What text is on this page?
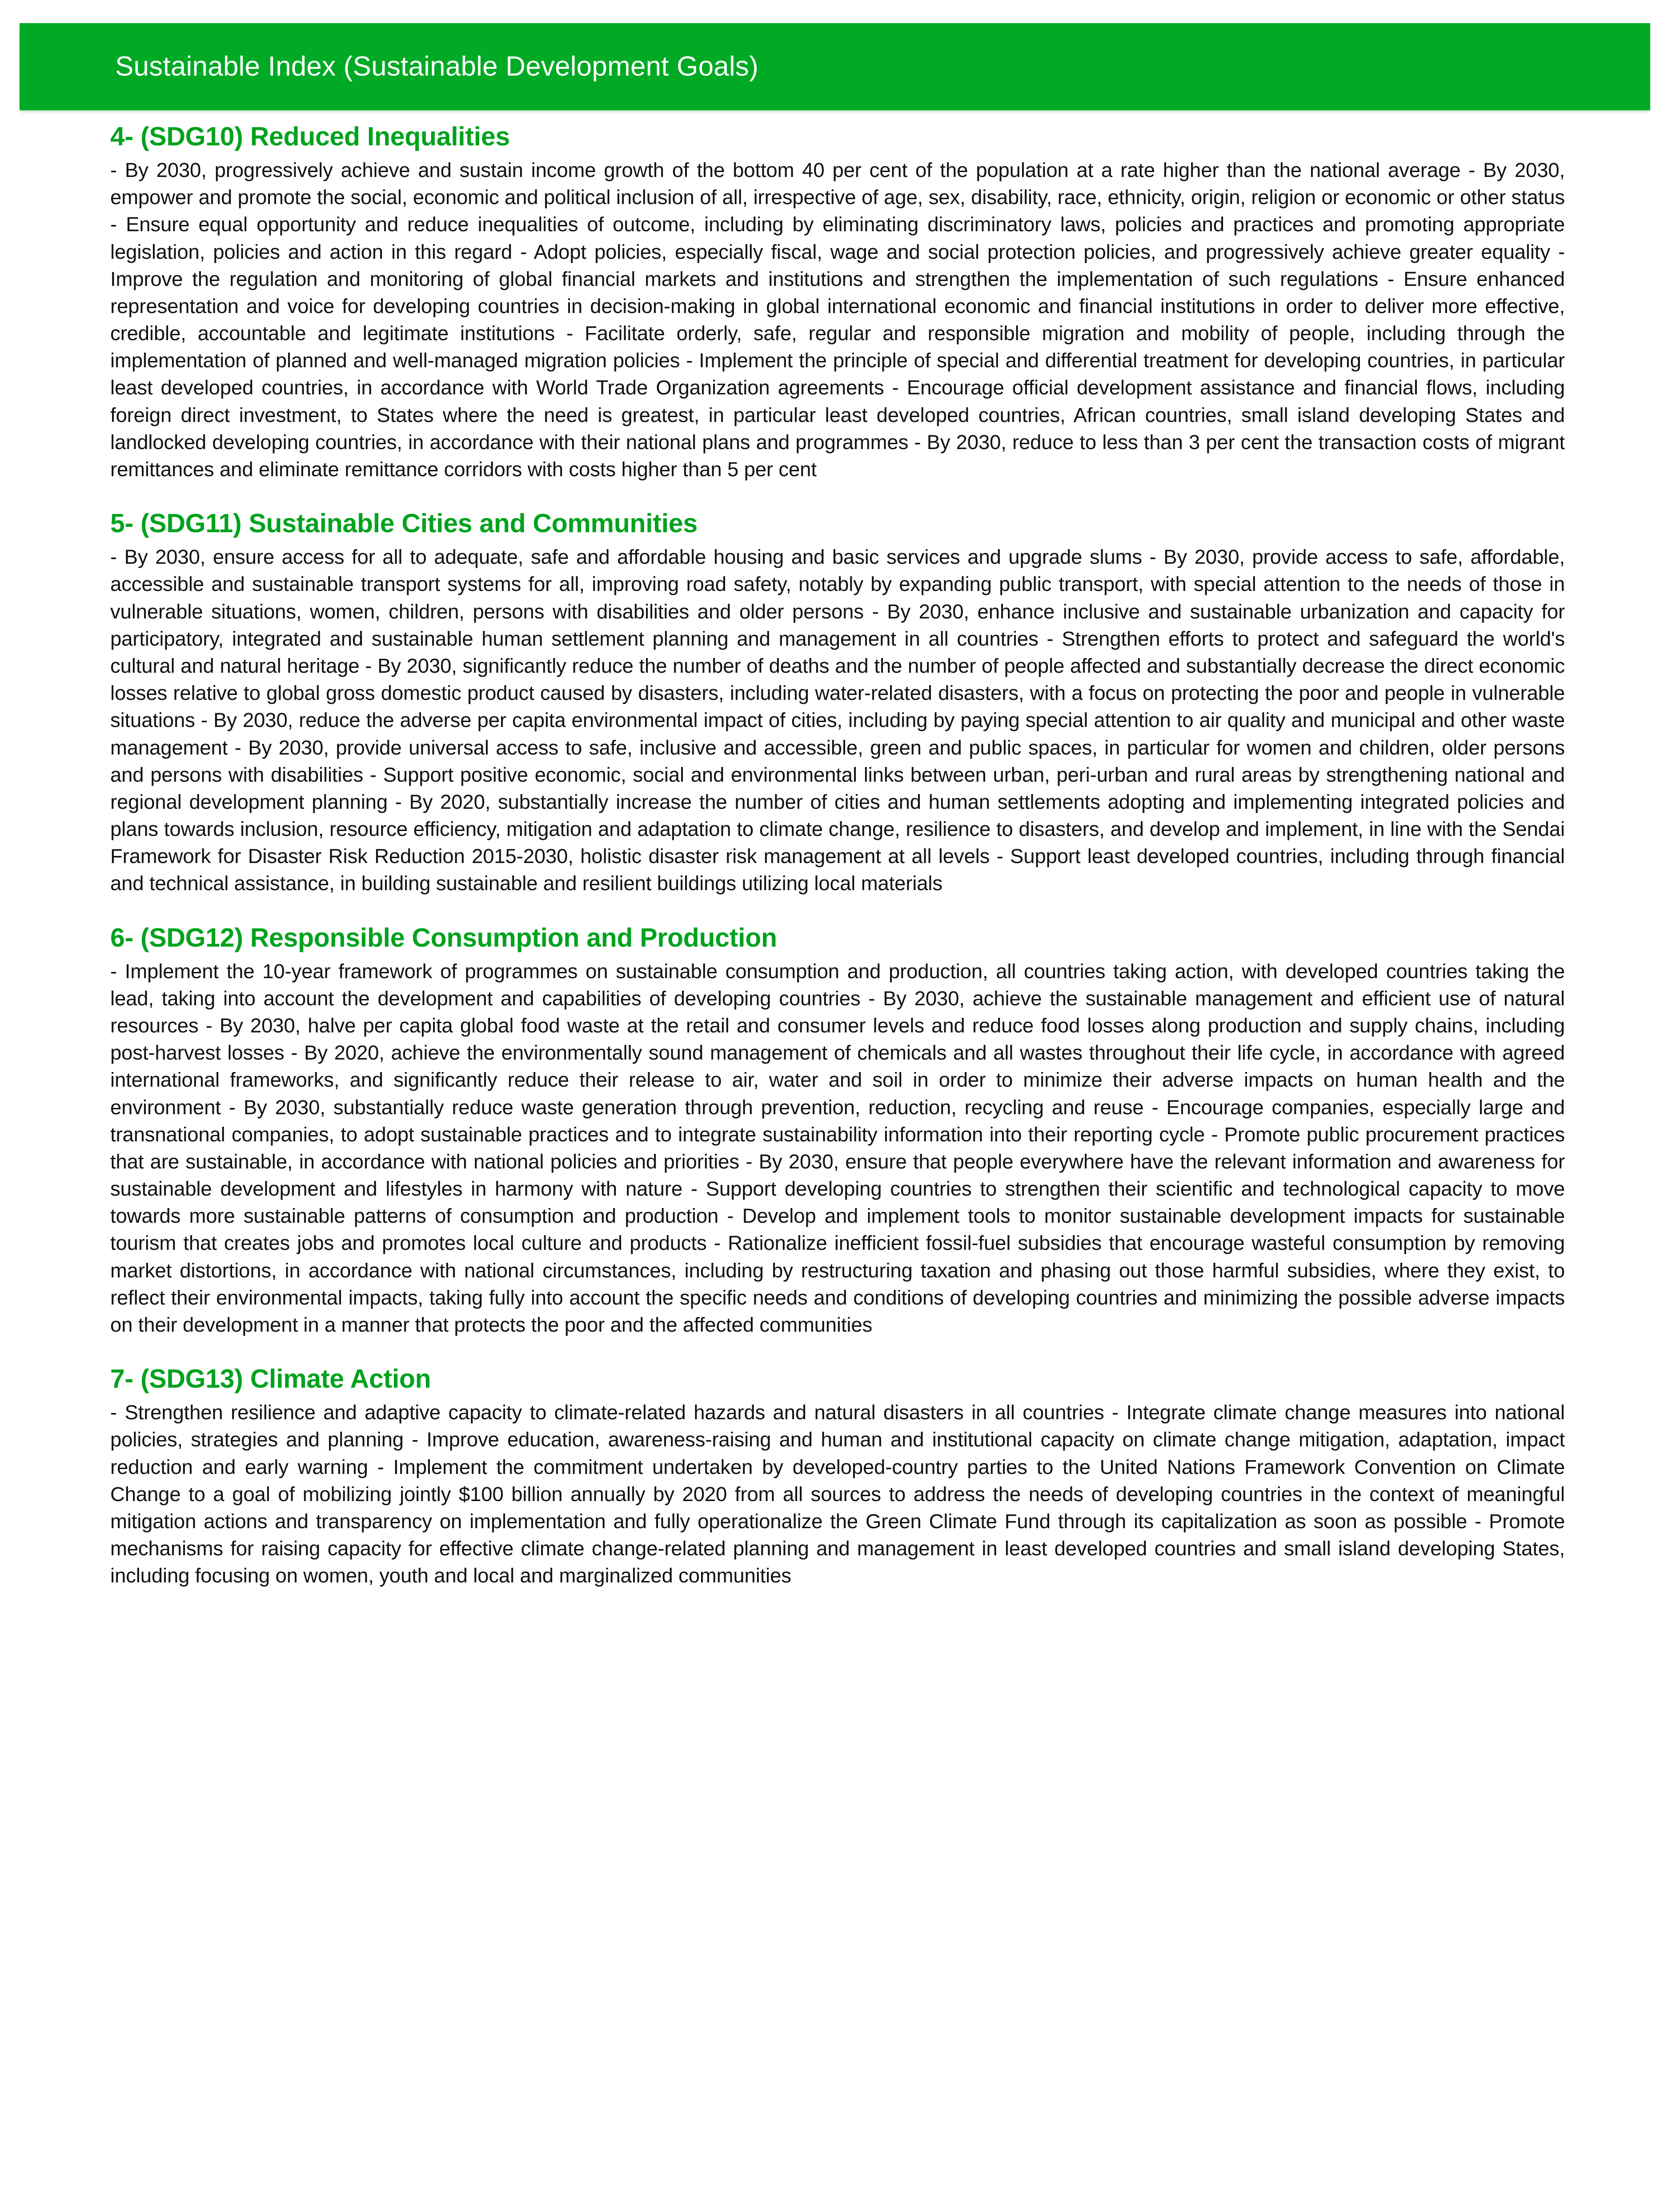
Sustainable Index (Sustainable Development Goals)
4- (SDG10) Reduced Inequalities

- By 2030, progressively achieve and sustain income growth of the bottom 40 per cent of the population at a rate higher than the national average - By 2030, empower and promote the social, economic and political inclusion of all, irrespective of age, sex, disability, race, ethnicity, origin, religion or economic or other status - Ensure equal opportunity and reduce inequalities of outcome, including by eliminating discriminatory laws, policies and practices and promoting appropriate legislation, policies and action in this regard - Adopt policies, especially fiscal, wage and social protection policies, and progressively achieve greater equality - Improve the regulation and monitoring of global financial markets and institutions and strengthen the implementation of such regulations - Ensure enhanced representation and voice for developing countries in decision-making in global international economic and financial institutions in order to deliver more effective, credible, accountable and legitimate institutions - Facilitate orderly, safe, regular and responsible migration and mobility of people, including through the implementation of planned and well-managed migration policies - Implement the principle of special and differential treatment for developing countries, in particular least developed countries, in accordance with World Trade Organization agreements - Encourage official development assistance and financial flows, including foreign direct investment, to States where the need is greatest, in particular least developed countries, African countries, small island developing States and landlocked developing countries, in accordance with their national plans and programmes - By 2030, reduce to less than 3 per cent the transaction costs of migrant remittances and eliminate remittance corridors with costs higher than 5 per cent

5- (SDG11) Sustainable Cities and Communities

- By 2030, ensure access for all to adequate, safe and affordable housing and basic services and upgrade slums - By 2030, provide access to safe, affordable, accessible and sustainable transport systems for all, improving road safety, notably by expanding public transport, with special attention to the needs of those in vulnerable situations, women, children, persons with disabilities and older persons - By 2030, enhance inclusive and sustainable urbanization and capacity for participatory, integrated and sustainable human settlement planning and management in all countries - Strengthen efforts to protect and safeguard the world's cultural and natural heritage - By 2030, significantly reduce the number of deaths and the number of people affected and substantially decrease the direct economic losses relative to global gross domestic product caused by disasters, including water-related disasters, with a focus on protecting the poor and people in vulnerable situations - By 2030, reduce the adverse per capita environmental impact of cities, including by paying special attention to air quality and municipal and other waste management - By 2030, provide universal access to safe, inclusive and accessible, green and public spaces, in particular for women and children, older persons and persons with disabilities - Support positive economic, social and environmental links between urban, peri-urban and rural areas by strengthening national and regional development planning - By 2020, substantially increase the number of cities and human settlements adopting and implementing integrated policies and plans towards inclusion, resource efficiency, mitigation and adaptation to climate change, resilience to disasters, and develop and implement, in line with the Sendai Framework for Disaster Risk Reduction 2015-2030, holistic disaster risk management at all levels - Support least developed countries, including through financial and technical assistance, in building sustainable and resilient buildings utilizing local materials

6- (SDG12) Responsible Consumption and Production

- Implement the 10-year framework of programmes on sustainable consumption and production, all countries taking action, with developed countries taking the lead, taking into account the development and capabilities of developing countries - By 2030, achieve the sustainable management and efficient use of natural resources - By 2030, halve per capita global food waste at the retail and consumer levels and reduce food losses along production and supply chains, including post-harvest losses - By 2020, achieve the environmentally sound management of chemicals and all wastes throughout their life cycle, in accordance with agreed international frameworks, and significantly reduce their release to air, water and soil in order to minimize their adverse impacts on human health and the environment - By 2030, substantially reduce waste generation through prevention, reduction, recycling and reuse - Encourage companies, especially large and transnational companies, to adopt sustainable practices and to integrate sustainability information into their reporting cycle - Promote public procurement practices that are sustainable, in accordance with national policies and priorities - By 2030, ensure that people everywhere have the relevant information and awareness for sustainable development and lifestyles in harmony with nature - Support developing countries to strengthen their scientific and technological capacity to move towards more sustainable patterns of consumption and production - Develop and implement tools to monitor sustainable development impacts for sustainable tourism that creates jobs and promotes local culture and products - Rationalize inefficient fossil-fuel subsidies that encourage wasteful consumption by removing market distortions, in accordance with national circumstances, including by restructuring taxation and phasing out those harmful subsidies, where they exist, to reflect their environmental impacts, taking fully into account the specific needs and conditions of developing countries and minimizing the possible adverse impacts on their development in a manner that protects the poor and the affected communities

7- (SDG13) Climate Action

- Strengthen resilience and adaptive capacity to climate-related hazards and natural disasters in all countries - Integrate climate change measures into national policies, strategies and planning - Improve education, awareness-raising and human and institutional capacity on climate change mitigation, adaptation, impact reduction and early warning - Implement the commitment undertaken by developed-country parties to the United Nations Framework Convention on Climate Change to a goal of mobilizing jointly $100 billion annually by 2020 from all sources to address the needs of developing countries in the context of meaningful mitigation actions and transparency on implementation and fully operationalize the Green Climate Fund through its capitalization as soon as possible - Promote mechanisms for raising capacity for effective climate change-related planning and management in least developed countries and small island developing States, including focusing on women, youth and local and marginalized communities
